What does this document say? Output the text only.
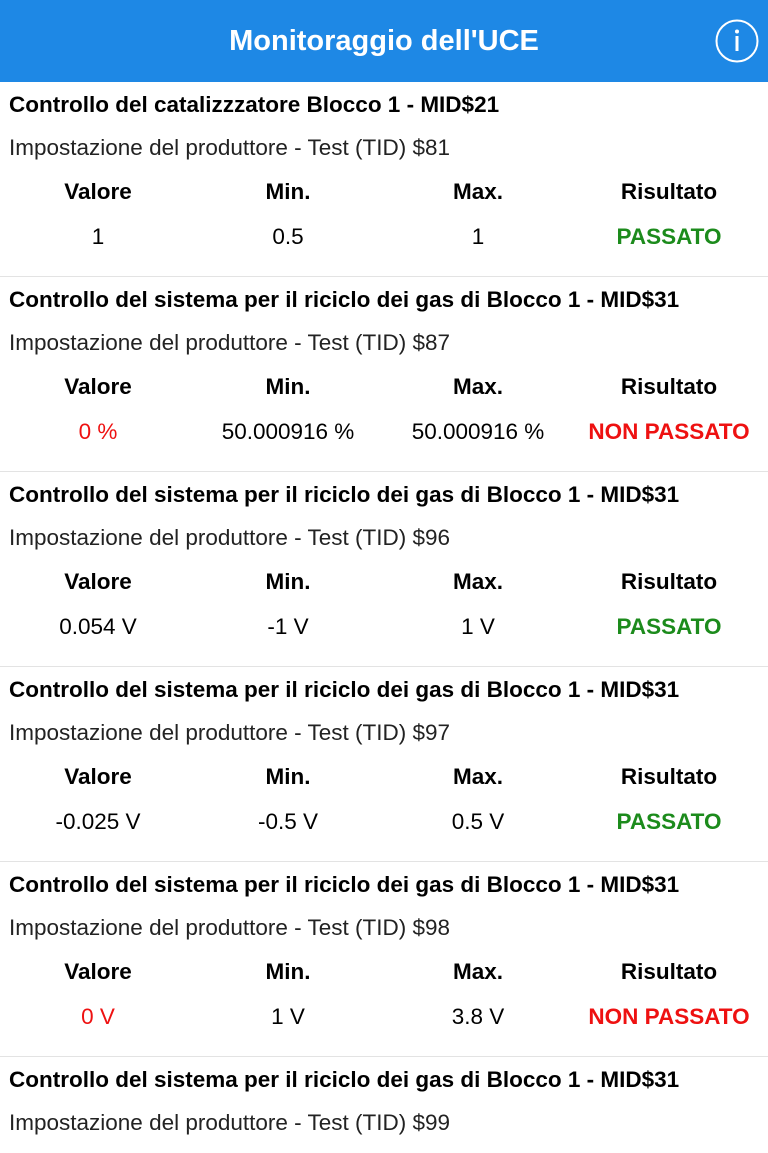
Monitoraggio dell'UCE
Controllo del catalizzzatore Blocco 1 - MID$21
Impostazione del produttore - Test (TID) $81
Valore	Min.	Max.	Risultato
1	0.5	1	PASSATO
Controllo del sistema per il riciclo dei gas di Blocco 1 - MID$31
Impostazione del produttore - Test (TID) $87
Valore	Min.	Max.	Risultato
0 %	50.000916 %	50.000916 %	NON PASSATO
Controllo del sistema per il riciclo dei gas di Blocco 1 - MID$31
Impostazione del produttore - Test (TID) $96
Valore	Min.	Max.	Risultato
0.054 V	-1 V	1 V	PASSATO
Controllo del sistema per il riciclo dei gas di Blocco 1 - MID$31
Impostazione del produttore - Test (TID) $97
Valore	Min.	Max.	Risultato
-0.025 V	-0.5 V	0.5 V	PASSATO
Controllo del sistema per il riciclo dei gas di Blocco 1 - MID$31
Impostazione del produttore - Test (TID) $98
Valore	Min.	Max.	Risultato
0 V	1 V	3.8 V	NON PASSATO
Controllo del sistema per il riciclo dei gas di Blocco 1 - MID$31
Impostazione del produttore - Test (TID) $99
